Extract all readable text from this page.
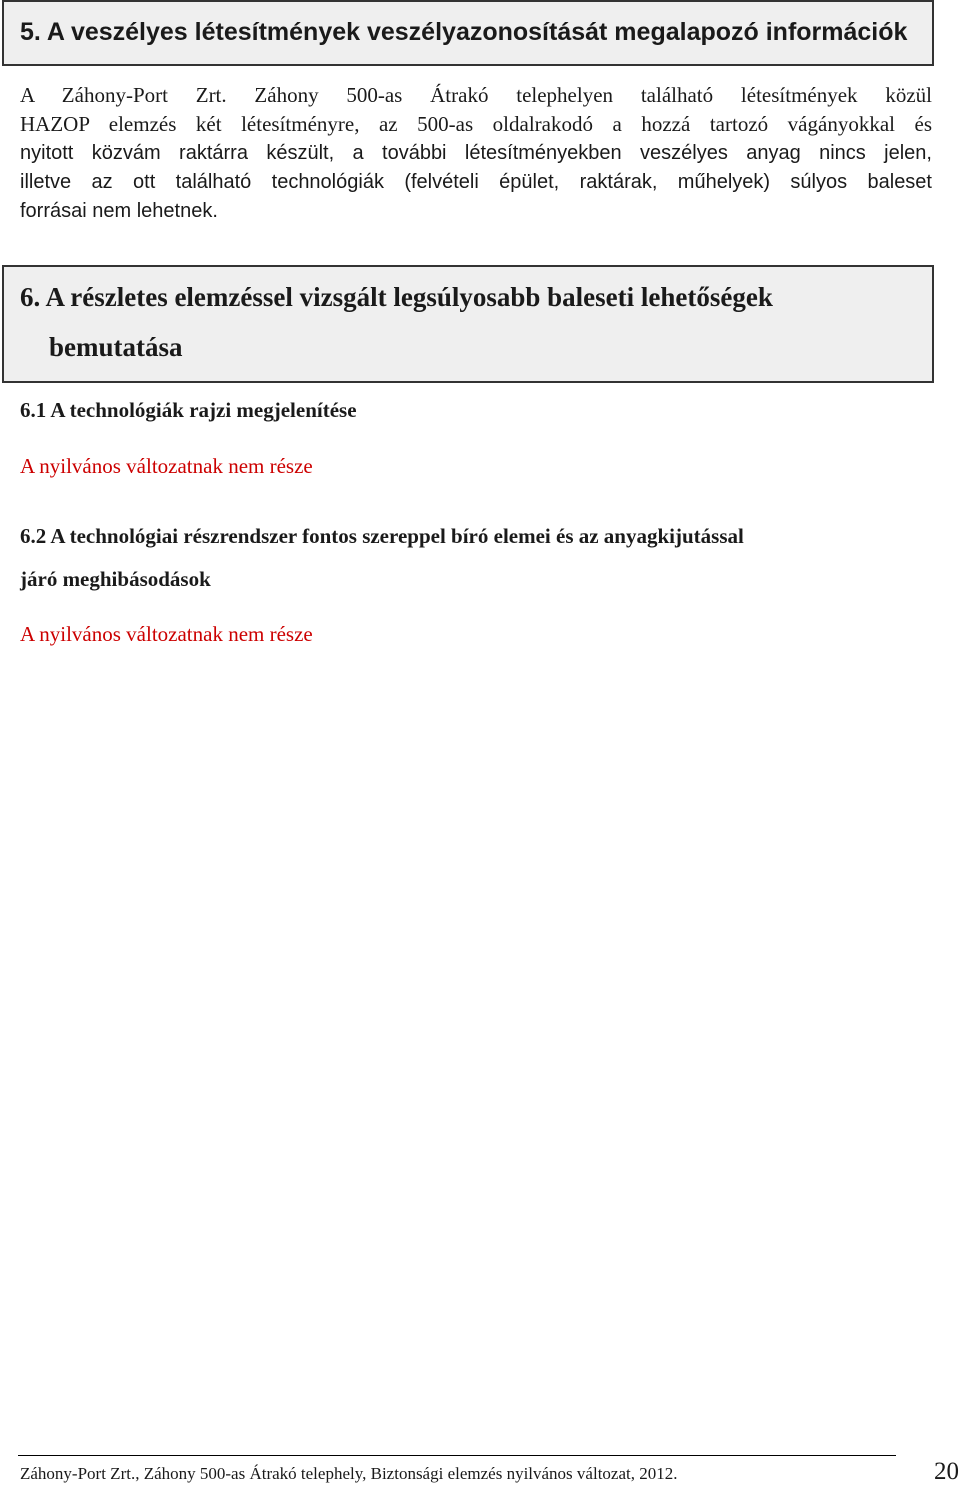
5. A veszélyes létesítmények veszélyazonosítását megalapozó információk
A Záhony-Port Zrt. Záhony 500-as Átrakó telephelyen található létesítmények közül
HAZOP elemzés két létesítményre, az 500-as oldalrakodó a hozzá tartozó vágányokkal és
nyitott közvám raktárra készült, a további létesítményekben veszélyes anyag nincs jelen,
illetve az ott található technológiák (felvételi épület, raktárak, műhelyek) súlyos baleset
forrásai nem lehetnek.
6. A részletes elemzéssel vizsgált legsúlyosabb baleseti lehetőségek
bemutatása
6.1 A technológiák rajzi megjelenítése
A nyilvános változatnak nem része
6.2 A technológiai részrendszer fontos szereppel bíró elemei és az anyagkijutással
járó meghibásodások
A nyilvános változatnak nem része
Záhony-Port Zrt., Záhony 500-as Átrakó telephely, Biztonsági elemzés nyilvános változat, 2012.	20
